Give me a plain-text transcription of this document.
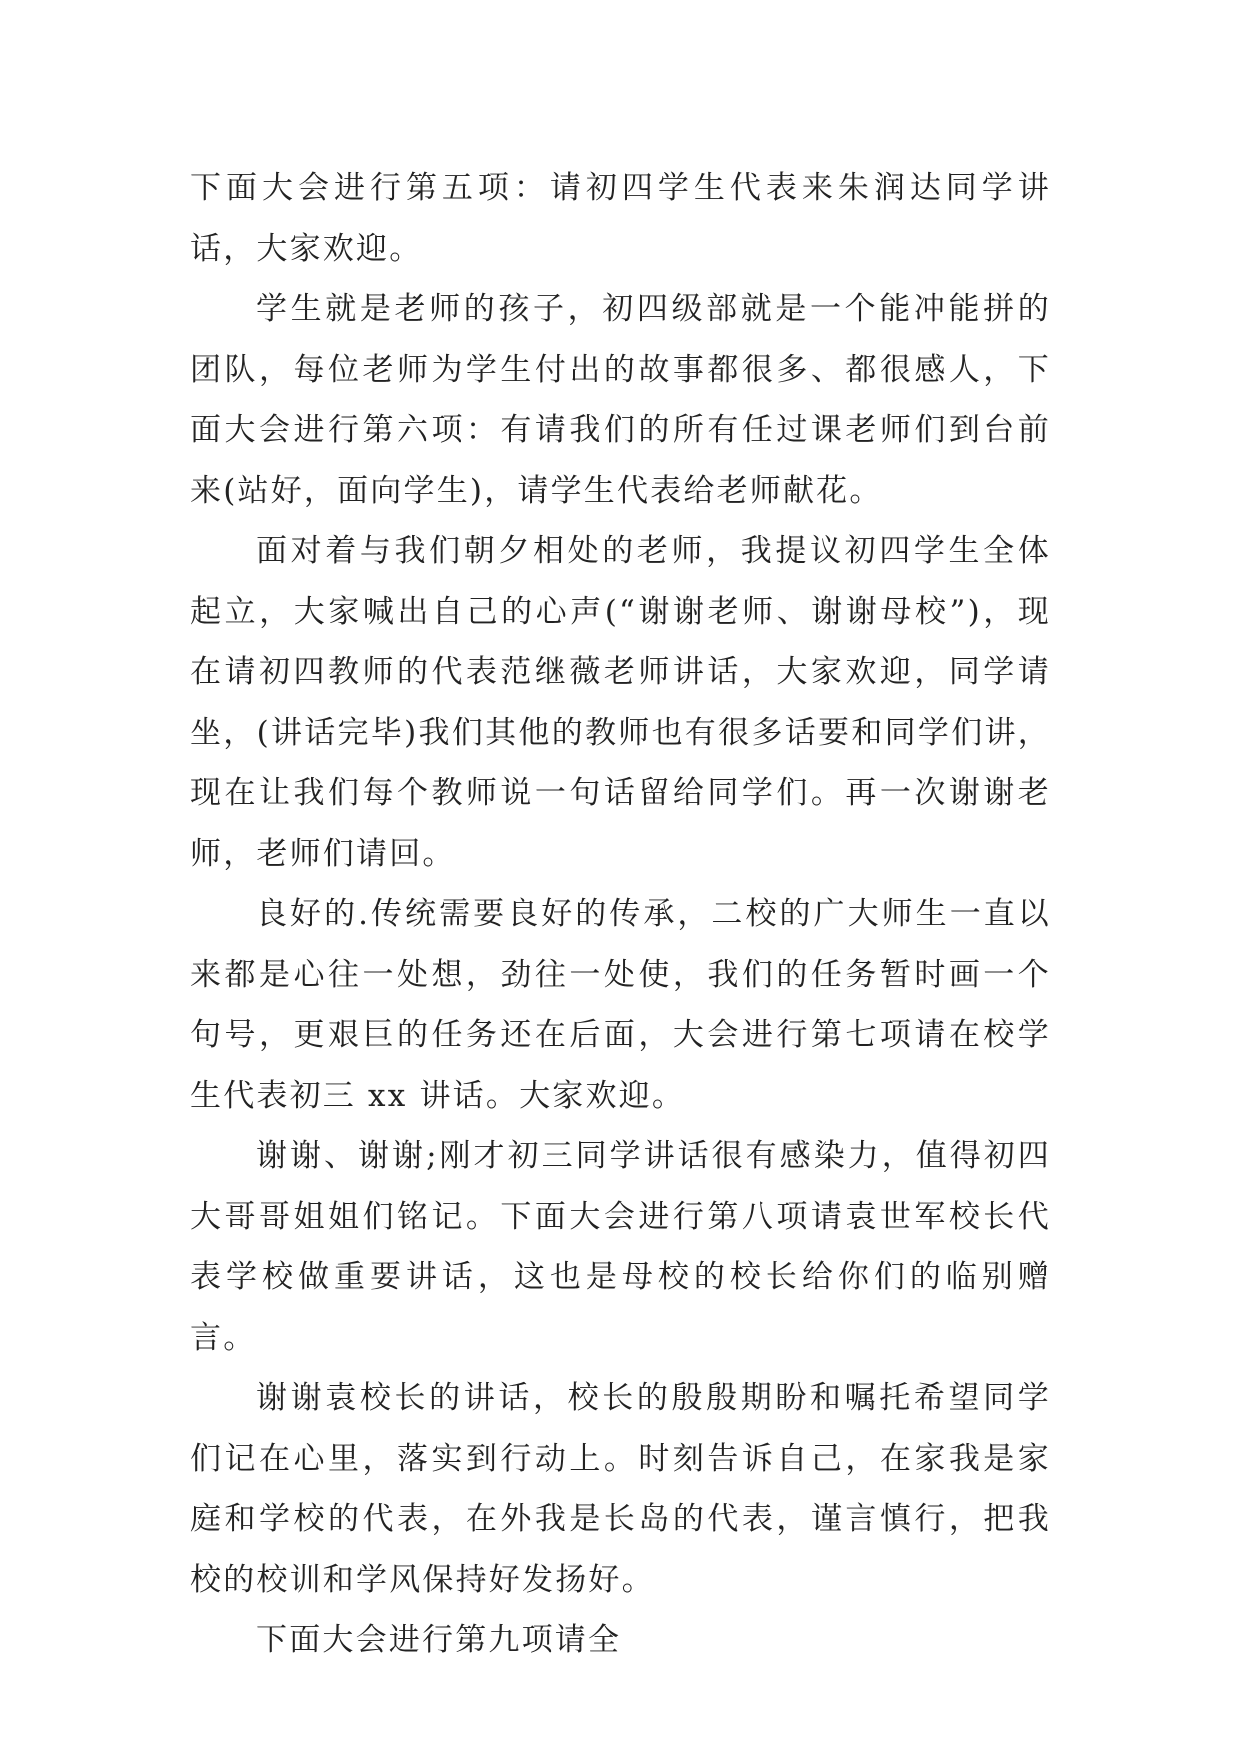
下面大会进行第五项：请初四学生代表来朱润达同学讲话，大家欢迎。

学生就是老师的孩子，初四级部就是一个能冲能拼的团队，每位老师为学生付出的故事都很多、都很感人，下面大会进行第六项：有请我们的所有任过课老师们到台前来(站好，面向学生)，请学生代表给老师献花。

面对着与我们朝夕相处的老师，我提议初四学生全体起立，大家喊出自己的心声(“谢谢老师、谢谢母校”)，现在请初四教师的代表范继薇老师讲话，大家欢迎，同学请坐，(讲话完毕)我们其他的教师也有很多话要和同学们讲，现在让我们每个教师说一句话留给同学们。再一次谢谢老师，老师们请回。

良好的.传统需要良好的传承，二校的广大师生一直以来都是心往一处想，劲往一处使，我们的任务暂时画一个句号，更艰巨的任务还在后面，大会进行第七项请在校学生代表初三 xx 讲话。大家欢迎。

谢谢、谢谢;刚才初三同学讲话很有感染力，值得初四大哥哥姐姐们铭记。下面大会进行第八项请袁世军校长代表学校做重要讲话，这也是母校的校长给你们的临别赠言。

谢谢袁校长的讲话，校长的殷殷期盼和嘱托希望同学们记在心里，落实到行动上。时刻告诉自己，在家我是家庭和学校的代表，在外我是长岛的代表，谨言慎行，把我校的校训和学风保持好发扬好。

下面大会进行第九项请全
